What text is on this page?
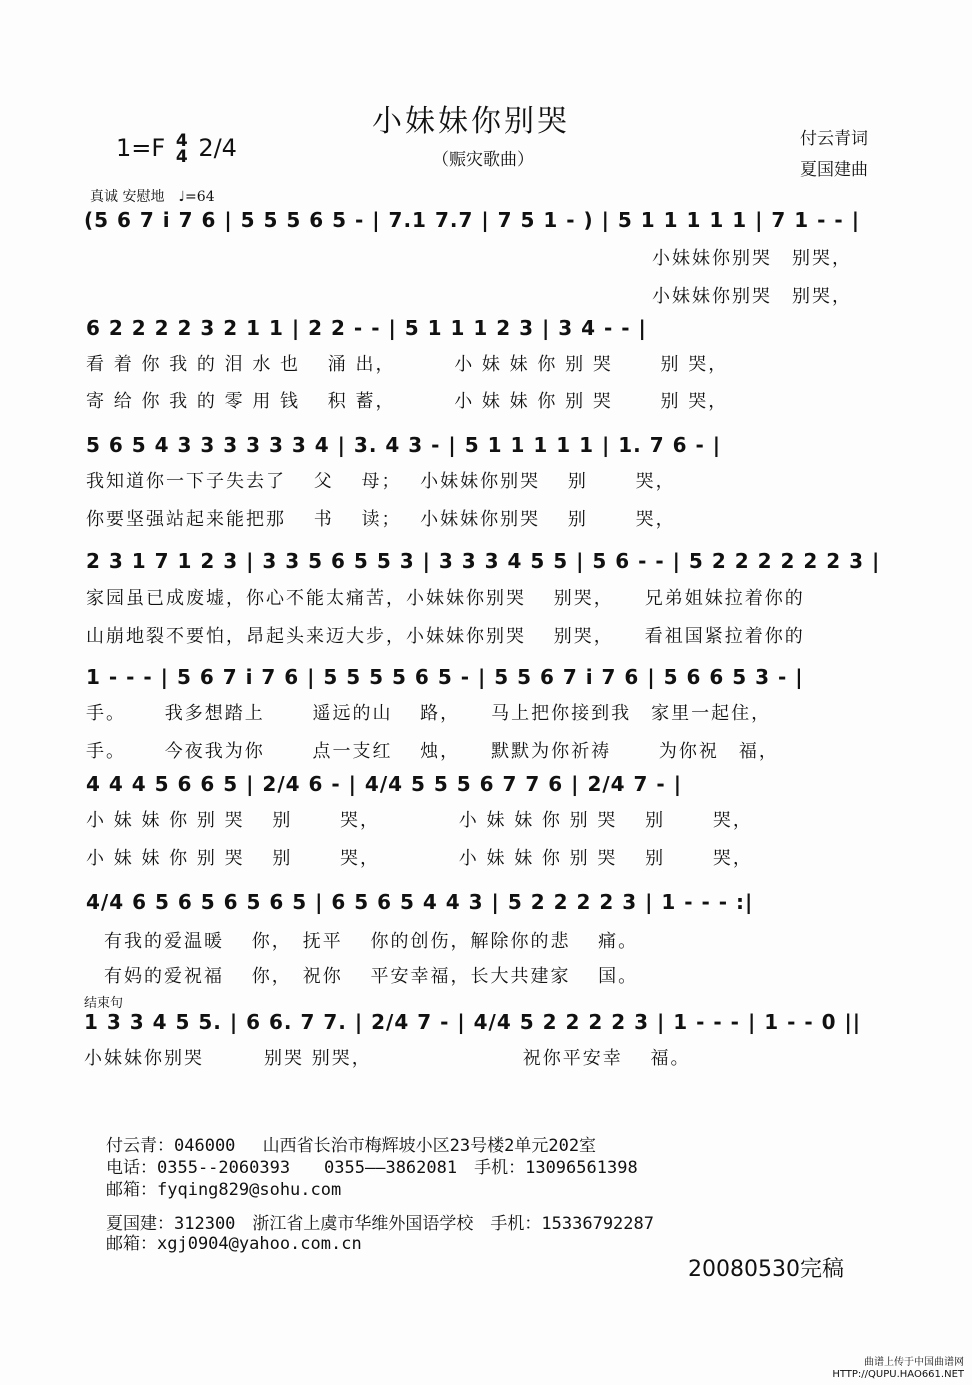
小妹妹你别哭
（赈灾歌曲）
1=F 4
4 2/4	付云青词
夏国建曲
真诚 安慰地　♩=64
(5 6 7 i 7 6 | 5 5 5 6 5 - | 7.1 7.7 | 7 5 1 - ) | 5 1 1 1 1 1 | 7 1 - - |
小妹妹你别哭　别哭，
小妹妹你别哭　别哭，
6 2 2 2 2 3 2 1 1 | 2 2 - - | 5 1 1 1 2 3 | 3 4 - - |
看 着 你 我 的 泪 水 也　 涌 出，　　　 小 妹 妹 你 别 哭　　 别 哭，
寄 给 你 我 的 零 用 钱　 积 蓄，　　　 小 妹 妹 你 别 哭　　 别 哭，
5 6 5 4 3 3 3 3 3 3 4 | 3. 4 3 - | 5 1 1 1 1 1 | 1. 7 6 - |
我知道你一下子失去了　 父　 母；　 小妹妹你别哭　 别　　 哭，
你要坚强站起来能把那　 书　 读；　 小妹妹你别哭　 别　　 哭，
2 3 1 7 1 2 3 | 3 3 5 6 5 5 3 | 3 3 3 4 5 5 | 5 6 - - | 5 2 2 2 2 2 2 3 |
家园虽已成废墟，你心不能太痛苦，小妹妹你别哭　 别哭，　　兄弟姐妹拉着你的
山崩地裂不要怕，昂起头来迈大步，小妹妹你别哭　 别哭，　　看祖国紧拉着你的
1 - - - | 5 6 7 i 7 6 | 5 5 5 5 6 5 - | 5 5 6 7 i 7 6 | 5 6 6 5 3 - |
手。　　 我多想踏上　　 遥远的山　 路，　　马上把你接到我　家里一起住，
手。　　 今夜我为你　　 点一支红　 烛，　　默默为你祈祷　　 为你祝　福，
4 4 4 5 6 6 5 | 2/4 6 - | 4/4 5 5 5 6 7 7 6 | 2/4 7 - |
小 妹 妹 你 别 哭　 别　　 哭，　　　　 小 妹 妹 你 别 哭　 别　　 哭，
小 妹 妹 你 别 哭　 别　　 哭，　　　　 小 妹 妹 你 别 哭　 别　　 哭，
4/4 6 5 6 5 6 5 6 5 | 6 5 6 5 4 4 3 | 5 2 2 2 2 3 | 1 - - - :|
有我的爱温暖　 你，　抚平　 你的创伤，解除你的悲　 痛。
有妈的爱祝福　 你，　祝你　 平安幸福，长大共建家　 国。
结束句
1 3 3 4 5 5. | 6 6. 7 7. | 2/4 7 - | 4/4 5 2 2 2 2 3 | 1 - - - | 1 - - 0 ||
小妹妹你别哭　　　别哭 别哭，　　　　　　　　祝你平安幸　 福。
付云青：046000　 山西省长治市梅辉坡小区23号楼2单元202室
电话：0355--2060393　　0355——3862081　手机：13096561398
邮箱：fyqing829@sohu.com
夏国建：312300　浙江省上虞市华维外国语学校　手机：15336792287
邮箱：xgj0904@yahoo.com.cn
20080530完稿
曲谱上传于中国曲谱网
HTTP://QUPU.HAO661.NET
